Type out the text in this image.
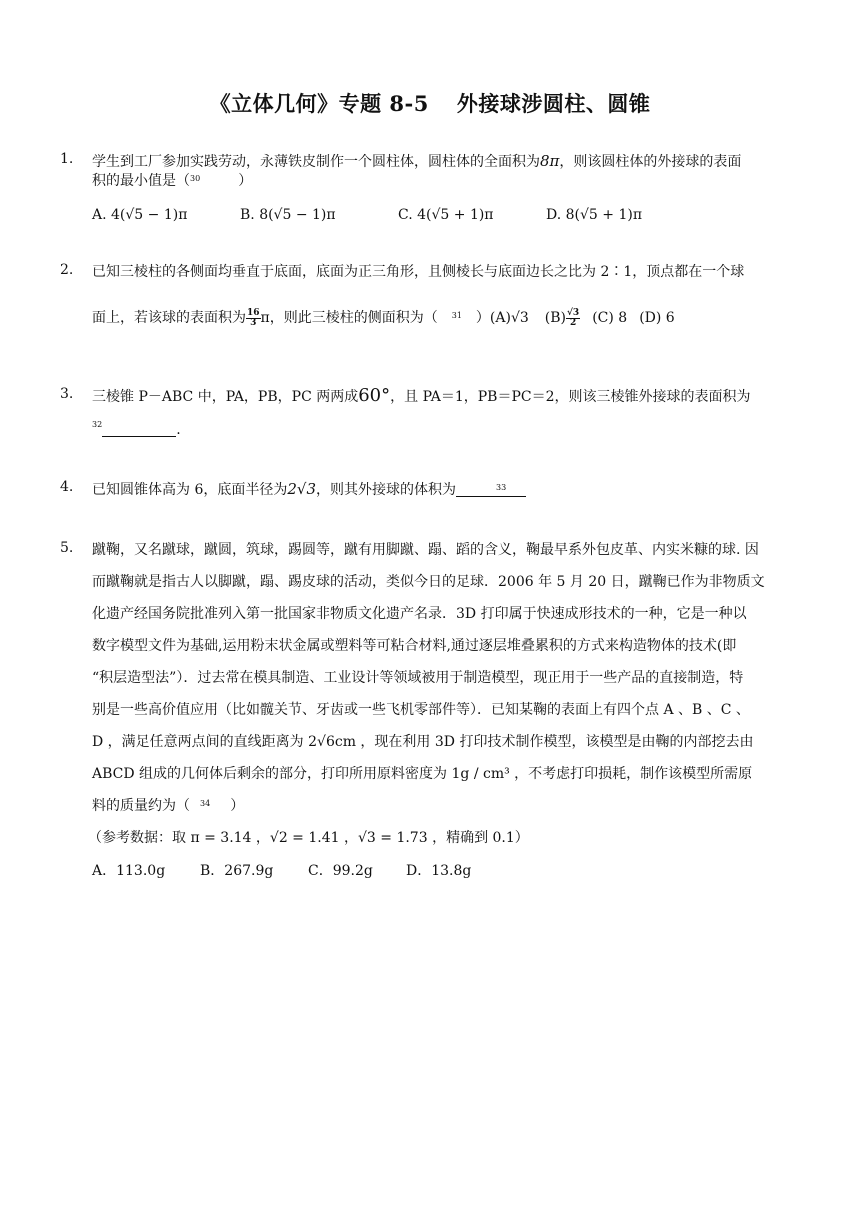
《立体几何》专题 8-5 外接球涉圆柱、圆锥
1.	学生到工厂参加实践劳动，永薄铁皮制作一个圆柱体，圆柱体的全面积为8π，则该圆柱体的外接球的表面
积的最小值是（$^{30}$	）
A. 4(√5 − 1)π	B. 8(√5 − 1)π	C. 4(√5 + 1)π	D. 8(√5 + 1)π
2.	已知三棱柱的各侧面均垂直于底面，底面为正三角形，且侧棱长与底面边长之比为 2∶1，顶点都在一个球
面上，若该球的表面积为 $\frac{16}{3}$ π，则此三棱柱的侧面积为（ $^{31}$ ）(A)√3 $(B) \frac{√3}{2} (C)$ 8 (D) 6
3.	三棱锥 P－ABC 中，PA，PB，PC 两两成60°，且 PA＝1，PB＝PC＝2，则该三棱锥外接球的表面积为
$^{32}$	.
4.	已知圆锥体高为 6，底面半径为2√3，则其外接球的体积为	33
5.	蹴鞠，又名蹴球，蹴圆，筑球，踢圆等，蹴有用脚蹴、蹋、蹈的含义，鞠最早系外包皮革、内实米糠的球. 因
而蹴鞠就是指古人以脚蹴，蹋、踢皮球的活动，类似今日的足球．2006 年 5 月 20 日，蹴鞠已作为非物质文
化遗产经国务院批准列入第一批国家非物质文化遗产名录．3D 打印属于快速成形技术的一种，它是一种以
数字模型文件为基础,运用粉末状金属或塑料等可粘合材料,通过逐层堆叠累积的方式来构造物体的技术(即
“积层造型法”）．过去常在模具制造、工业设计等领域被用于制造模型，现正用于一些产品的直接制造，特
别是一些高价值应用（比如髋关节、牙齿或一些飞机零部件等）．已知某鞠的表面上有四个点 A 、B 、C 、
D ，满足任意两点间的直线距离为 2√6cm ，现在利用 3D 打印技术制作模型，该模型是由鞠的内部挖去由
ABCD 组成的几何体后剩余的部分，打印所用原料密度为 1g / cm³ ，不考虑打印损耗，制作该模型所需原
料的质量约为（ $^{34}$ ）
（参考数据：取 π = 3.14 ，√2 = 1.41 ，√3 = 1.73 ，精确到 0.1）
A．113.0g	B．267.9g	C．99.2g	D．13.8g
